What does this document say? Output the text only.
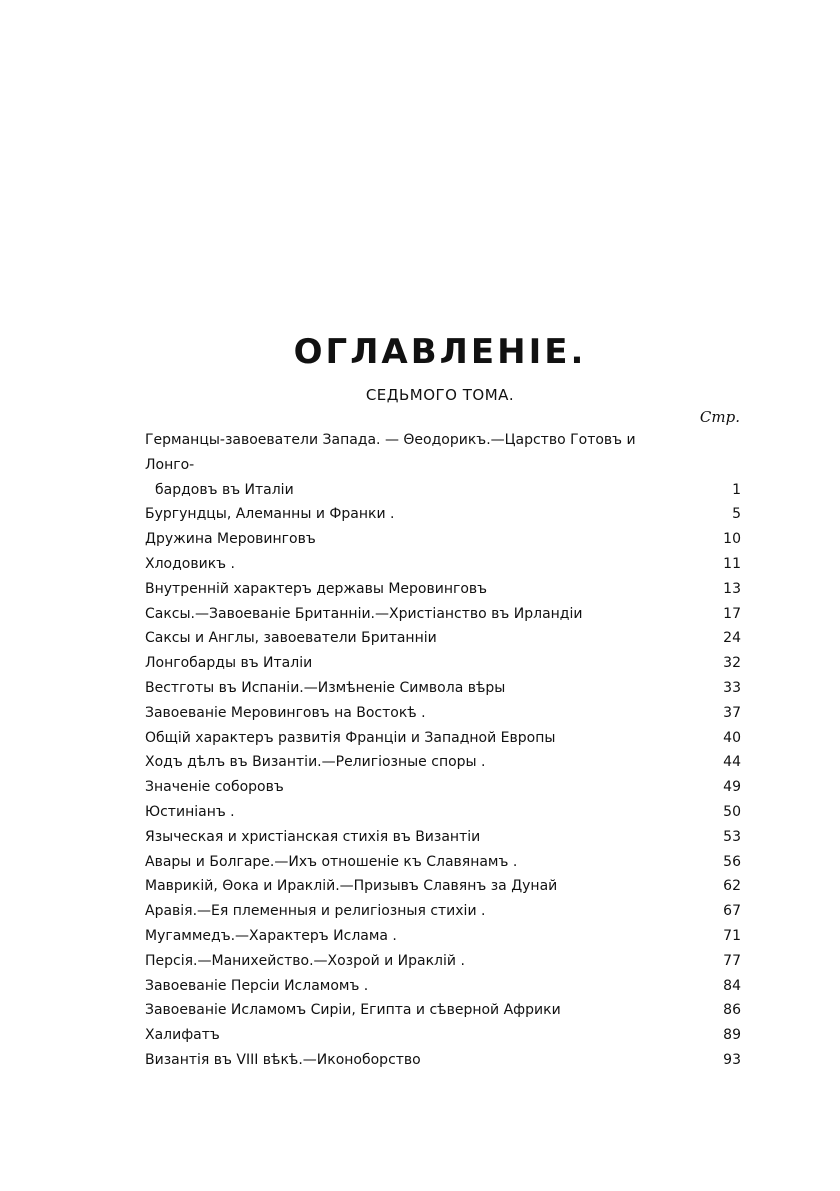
ОГЛАВЛЕНІЕ.
СЕДЬМОГО ТОМА.
Стр.
Германцы-завоеватели Запада. — Θеодорикъ.—Царство Готовъ и Лонго-
бардовъ въ Италіи	1
Бургундцы, Алеманны и Франки .	5
Дружина Меровинговъ	10
Хлодовикъ .	11
Внутренній характеръ державы Меровинговъ	13
Саксы.—Завоеваніе Британніи.—Христіанство въ Ирландіи	17
Саксы и Англы, завоеватели Британніи	24
Лонгобарды въ Италіи	32
Вестготы въ Испаніи.—Измѣненіе Символа вѣры	33
Завоеваніе Меровинговъ на Востокѣ .	37
Общій характеръ развитія Франціи и Западной Европы	40
Ходъ дѣлъ въ Византіи.—Религіозные споры .	44
Значеніе соборовъ	49
Юстиніанъ .	50
Языческая и христіанская стихія въ Византіи	53
Авары и Болгаре.—Ихъ отношеніе къ Славянамъ .	56
Маврикій, Θока и Ираклій.—Призывъ Славянъ за Дунай	62
Аравія.—Ея племенныя и религіозныя стихіи .	67
Мугаммедъ.—Характеръ Ислама .	71
Персія.—Манихейство.—Хозрой и Ираклій .	77
Завоеваніе Персіи Исламомъ .	84
Завоеваніе Исламомъ Сиріи, Египта и сѣверной Африки	86
Халифатъ	89
Византія въ VIII вѣкѣ.—Иконоборство	93
